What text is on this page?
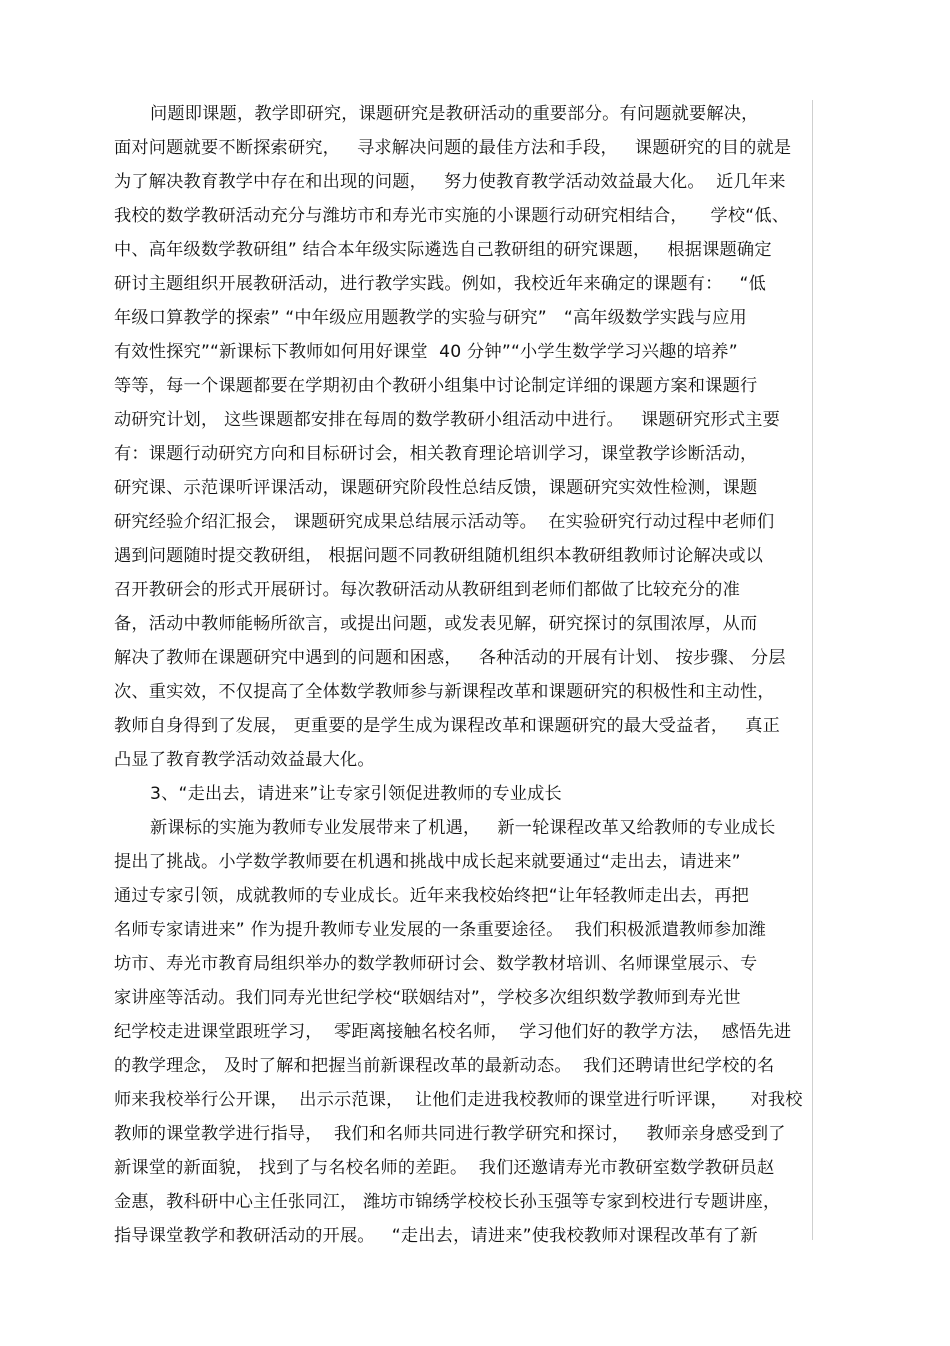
问题即课题，教学即研究，课题研究是教研活动的重要部分。有问题就要解决，
面对问题就要不断探索研究，   寻求解决问题的最佳方法和手段，   课题研究的目的就是
为了解决教育教学中存在和出现的问题，   努力使教育教学活动效益最大化。  近几年来
我校的数学教研活动充分与潍坊市和寿光市实施的小课题行动研究相结合，    学校“低、
中、高年级数学教研组” 结合本年级实际遴选自己教研组的研究课题，   根据课题确定
研讨主题组织开展教研活动，进行教学实践。例如，我校近年来确定的课题有：   “低
年级口算教学的探索” “中年级应用题教学的实验与研究”   “高年级数学实践与应用
有效性探究”“新课标下教师如何用好课堂  40 分钟”“小学生数学学习兴趣的培养”
等等，每一个课题都要在学期初由个教研小组集中讨论制定详细的课题方案和课题行
动研究计划， 这些课题都安排在每周的数学教研小组活动中进行。   课题研究形式主要
有：课题行动研究方向和目标研讨会，相关教育理论培训学习，课堂教学诊断活动，
研究课、示范课听评课活动，课题研究阶段性总结反馈，课题研究实效性检测，课题
研究经验介绍汇报会， 课题研究成果总结展示活动等。  在实验研究行动过程中老师们
遇到问题随时提交教研组， 根据问题不同教研组随机组织本教研组教师讨论解决或以
召开教研会的形式开展研讨。每次教研活动从教研组到老师们都做了比较充分的准
备，活动中教师能畅所欲言，或提出问题，或发表见解，研究探讨的氛围浓厚，从而
解决了教师在课题研究中遇到的问题和困惑，   各种活动的开展有计划、 按步骤、 分层
次、重实效，不仅提高了全体数学教师参与新课程改革和课题研究的积极性和主动性，
教师自身得到了发展， 更重要的是学生成为课程改革和课题研究的最大受益者，   真正
凸显了教育教学活动效益最大化。
3、“走出去，请进来”让专家引领促进教师的专业成长
新课标的实施为教师专业发展带来了机遇，   新一轮课程改革又给教师的专业成长
提出了挑战。小学数学教师要在机遇和挑战中成长起来就要通过“走出去，请进来”
通过专家引领，成就教师的专业成长。近年来我校始终把“让年轻教师走出去，再把
名师专家请进来” 作为提升教师专业发展的一条重要途径。  我们积极派遣教师参加潍
坊市、寿光市教育局组织举办的数学教师研讨会、数学教材培训、名师课堂展示、专
家讲座等活动。我们同寿光世纪学校“联姻结对”，学校多次组织数学教师到寿光世
纪学校走进课堂跟班学习，  零距离接触名校名师，  学习他们好的教学方法，  感悟先进
的教学理念， 及时了解和把握当前新课程改革的最新动态。  我们还聘请世纪学校的名
师来我校举行公开课，  出示示范课，  让他们走进我校教师的课堂进行听评课，    对我校
教师的课堂教学进行指导，  我们和名师共同进行教学研究和探讨，   教师亲身感受到了
新课堂的新面貌， 找到了与名校名师的差距。  我们还邀请寿光市教研室数学教研员赵
金惠，教科研中心主任张同江， 潍坊市锦绣学校校长孙玉强等专家到校进行专题讲座，
指导课堂教学和教研活动的开展。   “走出去，请进来”使我校教师对课程改革有了新
